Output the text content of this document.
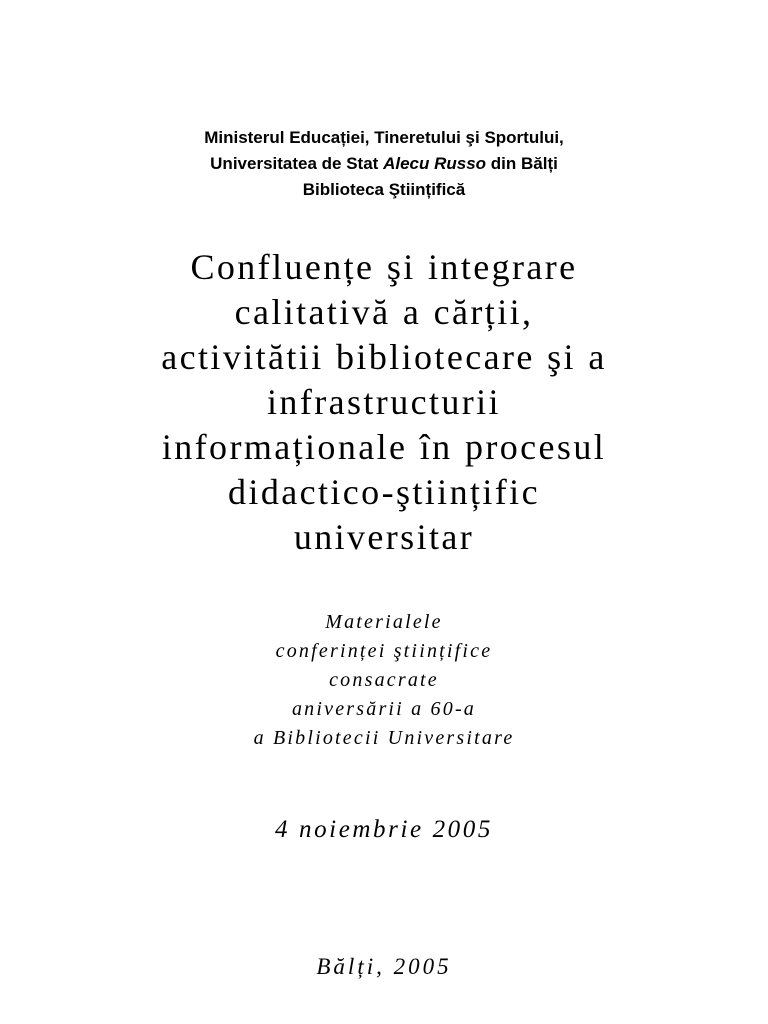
Ministerul Educației, Tineretului şi Sportului,
Universitatea de Stat Alecu Russo din Bălți
Biblioteca Ştiințifică
Confluențe şi integrare
calitativă a cărții,
activitătii bibliotecare şi a
infrastructurii
informaționale în procesul
didactico-ştiințific
universitar
Materialele
conferinței ştiințifice
consacrate
aniversării a 60-a
a Bibliotecii Universitare
4 noiembrie 2005
Bălți, 2005
